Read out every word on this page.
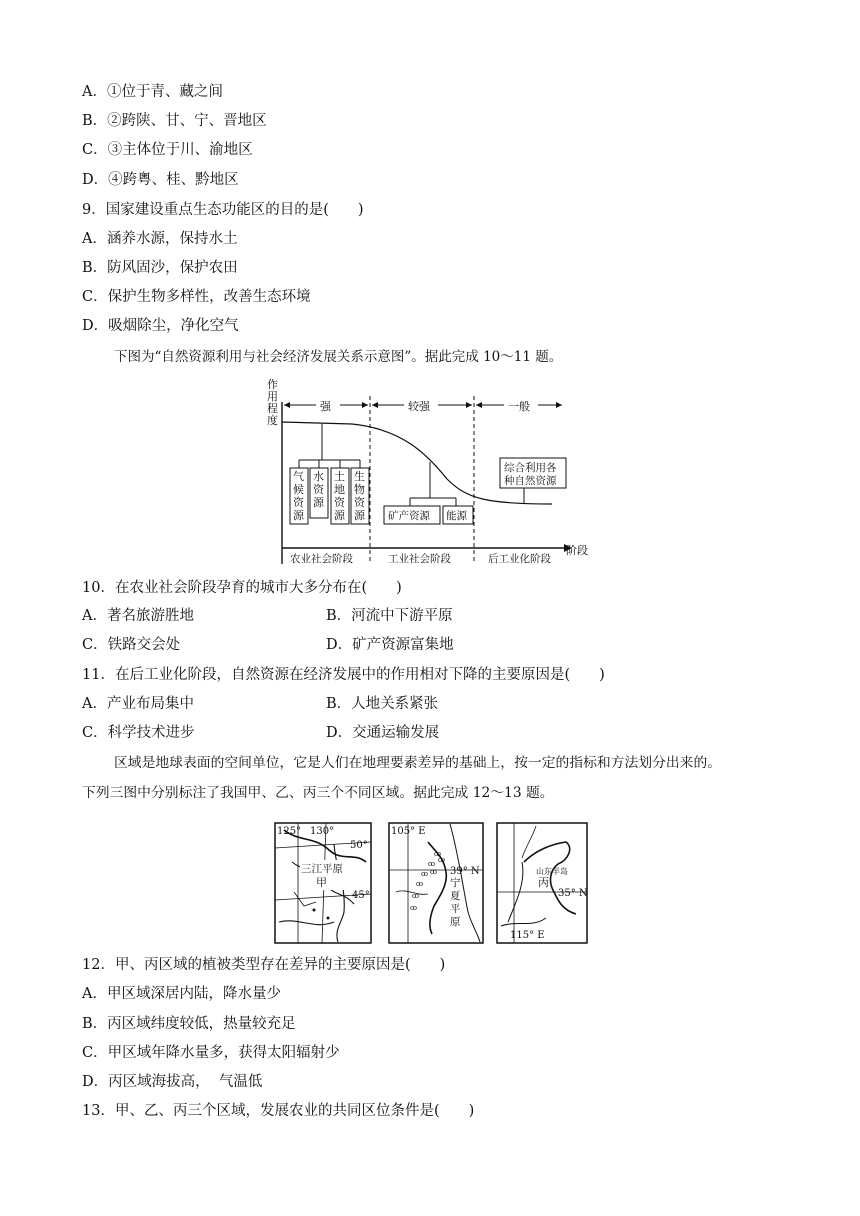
A．①位于青、藏之间
B．②跨陕、甘、宁、晋地区
C．③主体位于川、渝地区
D．④跨粤、桂、黔地区
9．国家建设重点生态功能区的目的是(　　)
A．涵养水源，保持水土
B．防风固沙，保护农田
C．保护生物多样性，改善生态环境
D．吸烟除尘，净化空气
下图为“自然资源利用与社会经济发展关系示意图”。据此完成 10～11 题。
阶段
作
用
程
度
强	较强	一般
气
候
资
源
水
资
源
土
地
资
源
生
物
资
源 矿产资源 能源
综合利用各
种自然资源
农业社会阶段	工业社会阶段	后工业化阶段
10．在农业社会阶段孕育的城市大多分布在(　　)
A．著名旅游胜地	B．河流中下游平原
C．铁路交会处	D．矿产资源富集地
11．在后工业化阶段，自然资源在经济发展中的作用相对下降的主要原因是(　　)
A．产业布局集中	B．人地关系紧张
C．科学技术进步	D．交通运输发展
区域是地球表面的空间单位，它是人们在地理要素差异的基础上，按一定的指标和方法划分出来的。
下列三图中分别标注了我国甲、乙、丙三个不同区域。据此完成 12～13 题。
125° 130°
50°
45°
三江平原
甲
ꝏ
ꝏ
ꝏ
ꝏ
ꝏ
ꝏ
ꝏ
ꝏ
105° E
39° N
宁
夏
平
原
山东半岛
丙
35° N
115° E
12．甲、丙区域的植被类型存在差异的主要原因是(　　)
A．甲区域深居内陆，降水量少
B．丙区域纬度较低，热量较充足
C．甲区域年降水量多，获得太阳辐射少
D．丙区域海拔高，  气温低
13．甲、乙、丙三个区域，发展农业的共同区位条件是(　　)
